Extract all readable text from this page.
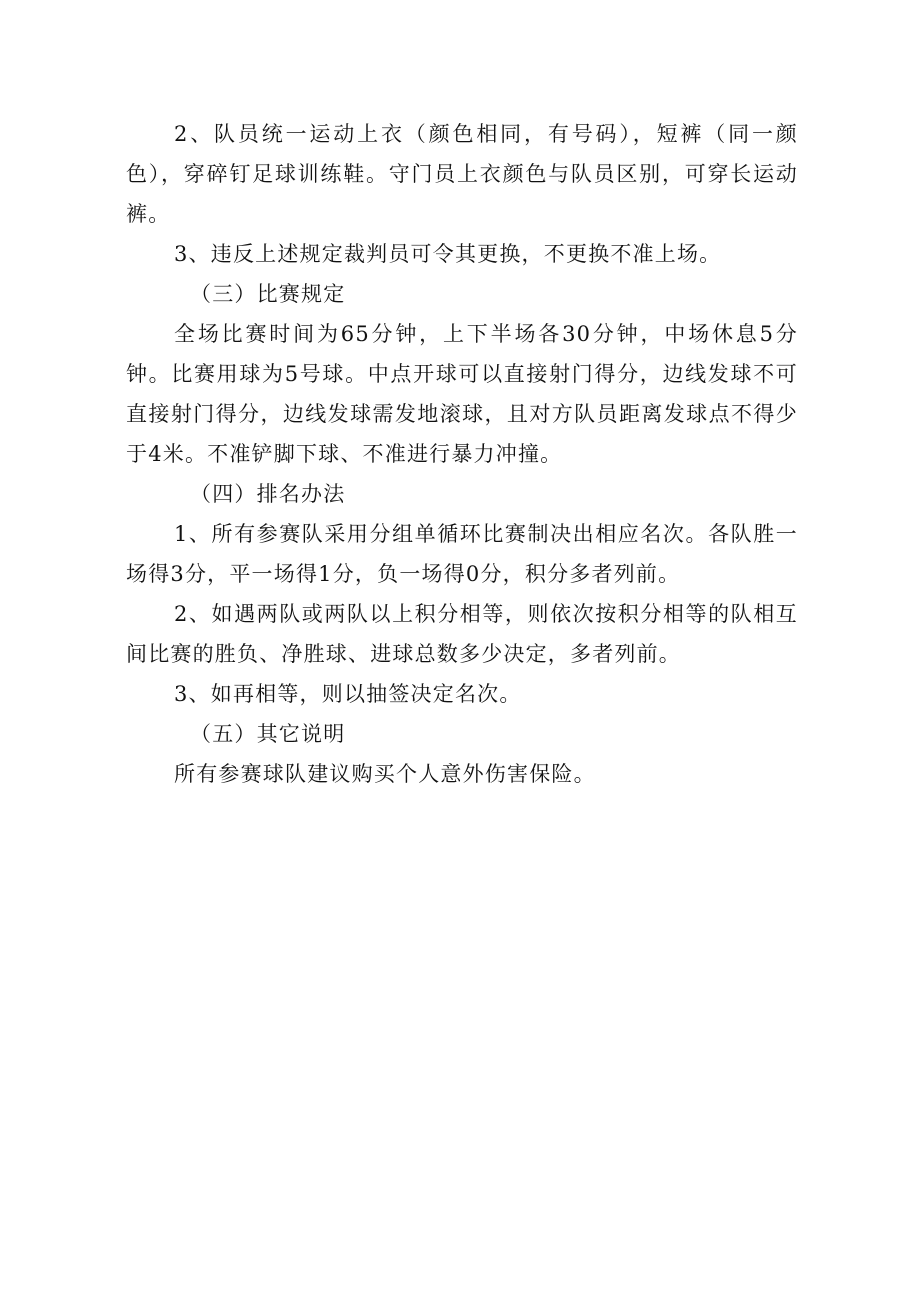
2、队员统一运动上衣（颜色相同，有号码），短裤（同一颜色），穿碎钉足球训练鞋。守门员上衣颜色与队员区别，可穿长运动裤。

3、违反上述规定裁判员可令其更换，不更换不准上场。

（三）比赛规定

全场比赛时间为65分钟，上下半场各30分钟，中场休息5分钟。比赛用球为5号球。中点开球可以直接射门得分，边线发球不可直接射门得分，边线发球需发地滚球，且对方队员距离发球点不得少于4米。不准铲脚下球、不准进行暴力冲撞。

（四）排名办法

1、所有参赛队采用分组单循环比赛制决出相应名次。各队胜一场得3分，平一场得1分，负一场得0分，积分多者列前。

2、如遇两队或两队以上积分相等，则依次按积分相等的队相互间比赛的胜负、净胜球、进球总数多少决定，多者列前。

3、如再相等，则以抽签决定名次。

（五）其它说明

所有参赛球队建议购买个人意外伤害保险。
